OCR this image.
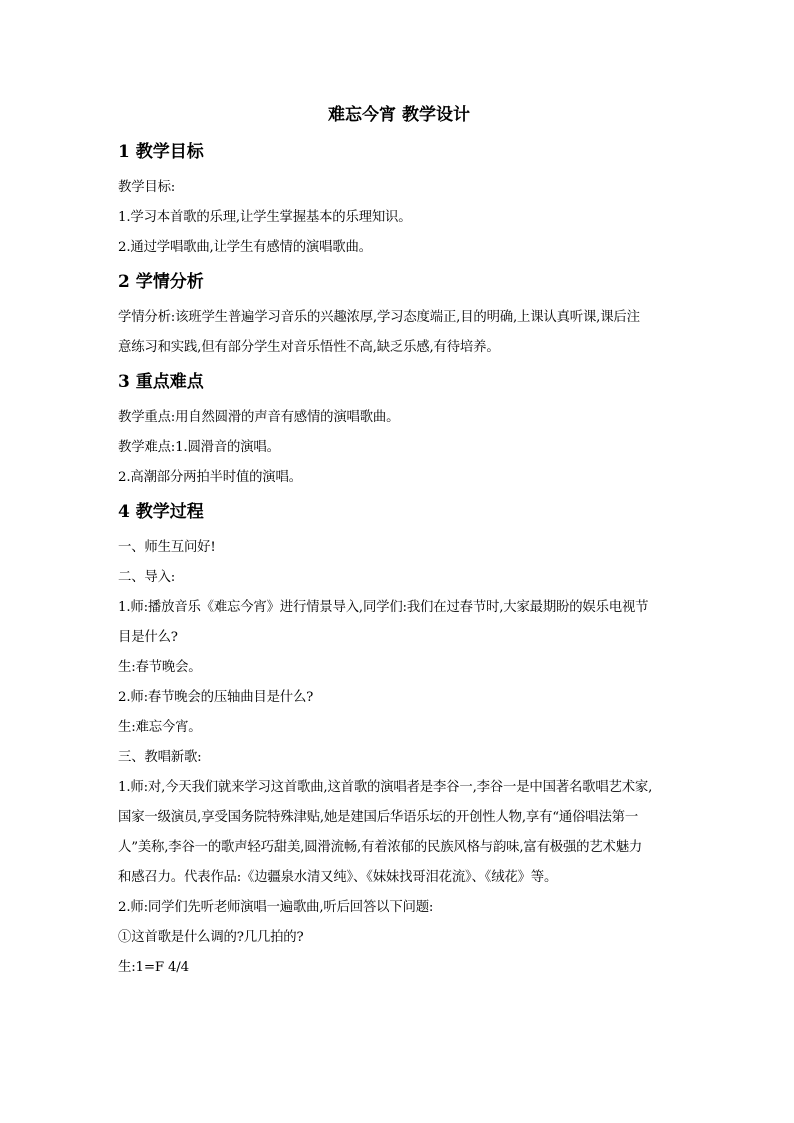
难忘今宵 教学设计
1 教学目标

教学目标:

1.学习本首歌的乐理,让学生掌握基本的乐理知识。

2.通过学唱歌曲,让学生有感情的演唱歌曲。

2 学情分析

学情分析:该班学生普遍学习音乐的兴趣浓厚,学习态度端正,目的明确,上课认真听课,课后注

意练习和实践,但有部分学生对音乐悟性不高,缺乏乐感,有待培养。

3 重点难点

教学重点:用自然圆滑的声音有感情的演唱歌曲。

教学难点:1.圆滑音的演唱。

2.高潮部分两拍半时值的演唱。

4 教学过程

一、师生互问好!

二、导入:

1.师:播放音乐《难忘今宵》进行情景导入,同学们:我们在过春节时,大家最期盼的娱乐电视节

目是什么?

生:春节晚会。

2.师:春节晚会的压轴曲目是什么?

生:难忘今宵。

三、教唱新歌:

1.师:对,今天我们就来学习这首歌曲,这首歌的演唱者是李谷一,李谷一是中国著名歌唱艺术家,

国家一级演员,享受国务院特殊津贴,她是建国后华语乐坛的开创性人物,享有“通俗唱法第一

人”美称,李谷一的歌声轻巧甜美,圆滑流畅,有着浓郁的民族风格与韵味,富有极强的艺术魅力

和感召力。代表作品:《边疆泉水清又纯》、《妹妹找哥泪花流》、《绒花》等。

2.师:同学们先听老师演唱一遍歌曲,听后回答以下问题:

①这首歌是什么调的?几几拍的?

生:1=F 4/4
